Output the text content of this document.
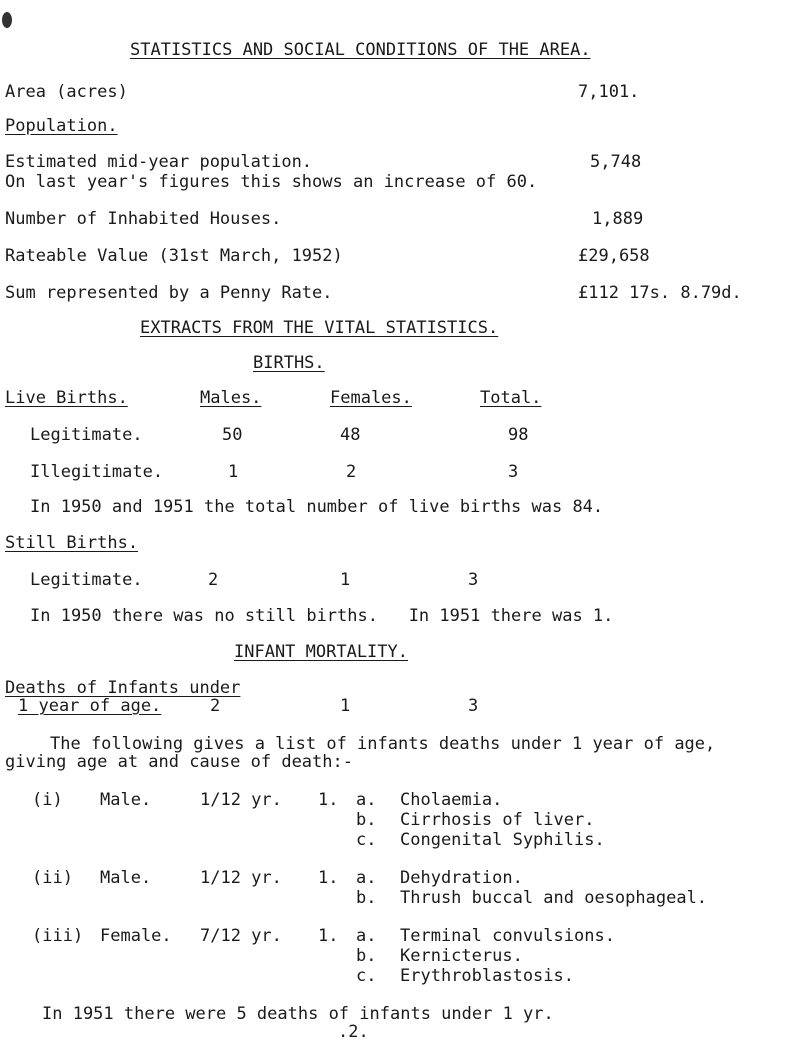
STATISTICS AND SOCIAL CONDITIONS OF THE AREA.
Area (acres)	7,101.
Population.
Estimated mid-year population.	5,748
On last year's figures this shows an increase of 60.
Number of Inhabited Houses.	1,889
Rateable Value (31st March, 1952)	£29,658
Sum represented by a Penny Rate.	£112 17s. 8.79d.
EXTRACTS FROM THE VITAL STATISTICS.
BIRTHS.
Live Births.	Males.	Females.	Total.
Legitimate.	50	48	98
Illegitimate.	1	2	3
In 1950 and 1951 the total number of live births was 84.
Still Births.
Legitimate.	2	1	3
In 1950 there was no still births.   In 1951 there was 1.
INFANT MORTALITY.
Deaths of Infants under
1 year of age.	2	1	3
The following gives a list of infants deaths under 1 year of age,
giving age at and cause of death:-
(i) Male.	1/12 yr. 1. a. Cholaemia.
b. Cirrhosis of liver.
c. Congenital Syphilis.
(ii) Male.	1/12 yr. 1. a. Dehydration.
b. Thrush buccal and oesophageal.
(iii) Female. 7/12 yr. 1. a. Terminal convulsions.
b. Kernicterus.
c. Erythroblastosis.
In 1951 there were 5 deaths of infants under 1 yr.
.2.
